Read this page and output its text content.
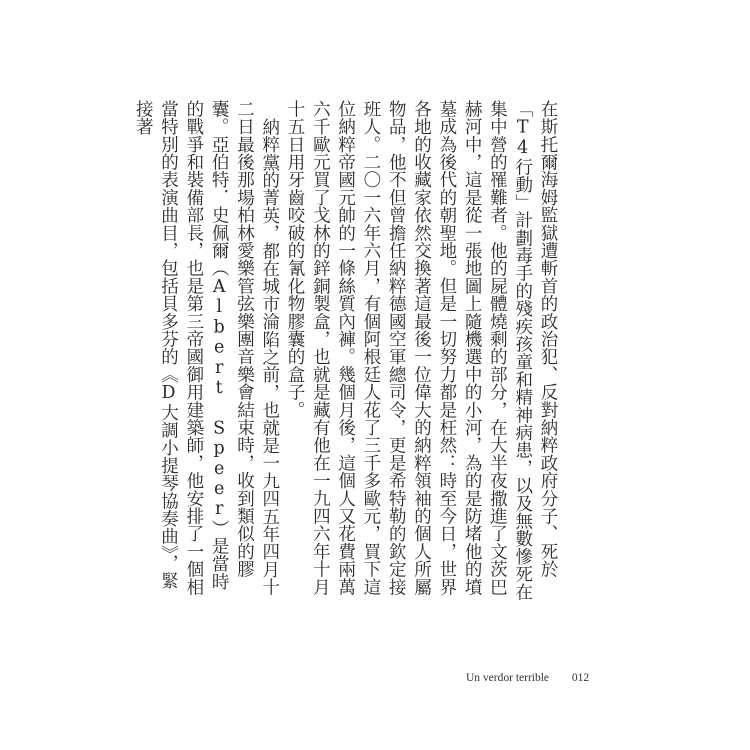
在斯托爾海姆監獄遭斬首的政治犯、反對納粹政府分子、死於「T4行動」計劃毒手的殘疾孩童和精神病患，以及無數慘死在集中營的罹難者。他的屍體燒剩的部分，在大半夜撒進了文茨巴赫河中，這是從一張地圖上隨機選中的小河，為的是防堵他的墳墓成為後代的朝聖地。但是一切努力都是枉然：時至今日，世界各地的收藏家依然交換著這最後一位偉大的納粹領袖的個人所屬物品，他不但曾擔任納粹德國空軍總司令，更是希特勒的欽定接班人。二〇一六年六月，有個阿根廷人花了三千多歐元，買下這位納粹帝國元帥的一條絲質內褲。幾個月後，這個人又花費兩萬六千歐元買了戈林的鋅銅製盒，也就是藏有他在一九四六年十月十五日用牙齒咬破的氰化物膠囊的盒子。

納粹黨的菁英，都在城市淪陷之前，也就是一九四五年四月十二日最後那場柏林愛樂管弦樂團音樂會結束時，收到類似的膠囊。亞伯特．史佩爾（Albert Speer）是當時的戰爭和裝備部長，也是第三帝國御用建築師，他安排了一個相當特別的表演曲目，包括貝多芬的《D大調小提琴協奏曲》，緊接著

Un verdor terrible 012
